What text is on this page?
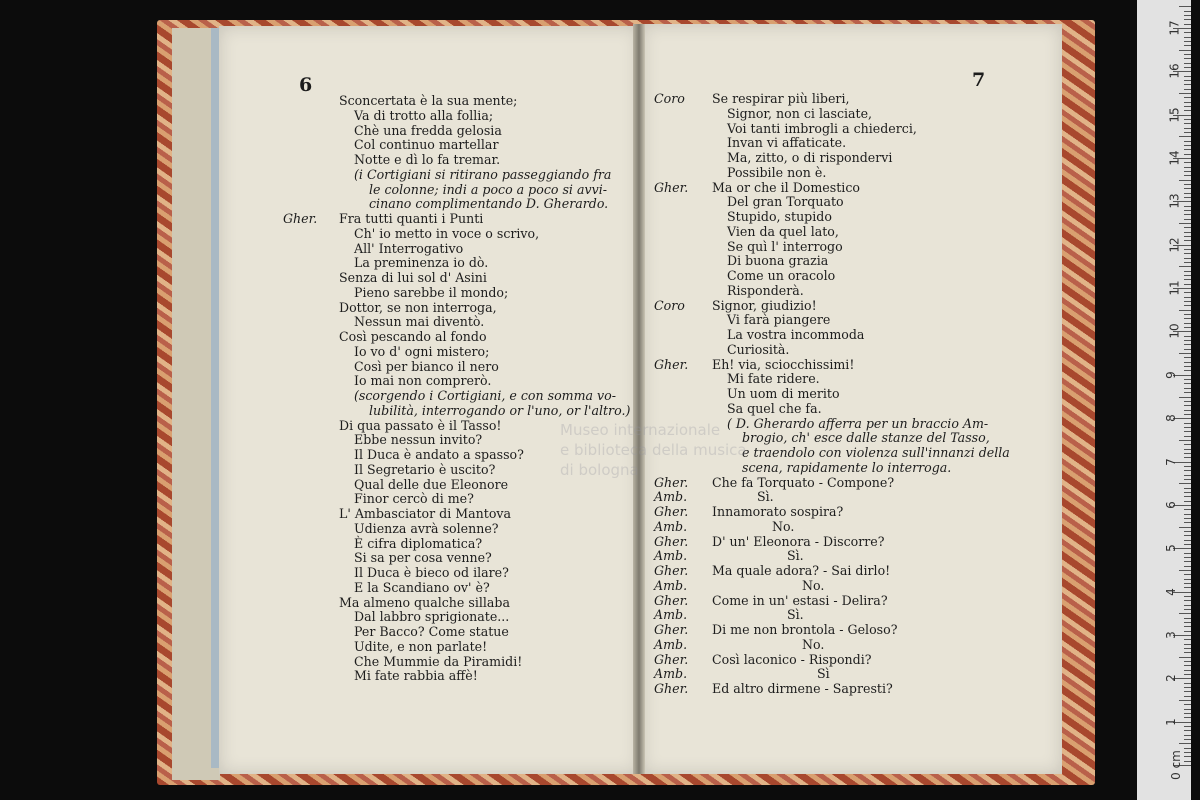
6
Sconcertata è la sua mente;
Va di trotto alla follia;
Chè una fredda gelosia
Col continuo martellar
Notte e dì lo fa tremar.
(i Cortigiani si ritirano passeggiando fra
le colonne; indi a poco a poco si avvi-
cinano complimentando D. Gherardo.
Gher. Fra tutti quanti i Punti
Ch' io metto in voce o scrivo,
All' Interrogativo
La preminenza io dò.
Senza di lui sol d' Asini
Pieno sarebbe il mondo;
Dottor, se non interroga,
Nessun mai diventò.
Così pescando al fondo
Io vo d' ogni mistero;
Così per bianco il nero
Io mai non comprerò.
(scorgendo i Cortigiani, e con somma vo-
lubilità, interrogando or l'uno, or l'altro.)
Di qua passato è il Tasso!
Ebbe nessun invito?
Il Duca è andato a spasso?
Il Segretario è uscito?
Qual delle due Eleonore
Finor cercò di me?
L' Ambasciator di Mantova
Udienza avrà solenne?
È cifra diplomatica?
Si sa per cosa venne?
Il Duca è bieco od ilare?
E la Scandiano ov' è?
Ma almeno qualche sillaba
Dal labbro sprigionate...
Per Bacco? Come statue
Udite, e non parlate!
Che Mummie da Piramidi!
Mi fate rabbia affè!
7
Coro Se respirar più liberi,
Signor, non ci lasciate,
Voi tanti imbrogli a chiederci,
Invan vi affaticate.
Ma, zitto, o di rispondervi
Possibile non è.
Gher. Ma or che il Domestico
Del gran Torquato
Stupido, stupido
Vien da quel lato,
Se quì l' interrogo
Di buona grazia
Come un oracolo
Risponderà.
Coro Signor, giudizio!
Vi farà piangere
La vostra incommoda
Curiosità.
Gher. Eh! via, sciocchissimi!
Mi fate ridere.
Un uom di merito
Sa quel che fa.
( D. Gherardo afferra per un braccio Am-
brogio, ch' esce dalle stanze del Tasso,
e traendolo con violenza sull'innanzi della
scena, rapidamente lo interroga.
Gher. Che fa Torquato - Compone?
Amb.	Sì.
Gher. Innamorato sospira?
Amb.	No.
Gher. D' un' Eleonora - Discorre?
Amb.	Sì.
Gher. Ma quale adora? - Sai dirlo!
Amb.	No.
Gher. Come in un' estasi - Delira?
Amb.	Sì.
Gher. Di me non brontola - Geloso?
Amb.	No.
Gher. Così laconico - Rispondi?
Amb.	Sì
Gher. Ed altro dirmene - Sapresti?
Museo internazionale
e biblioteca della
di bologna
0 cm
1
2
3
4
5
6
7
8
9
10
11
12
13
14
15
16
17
